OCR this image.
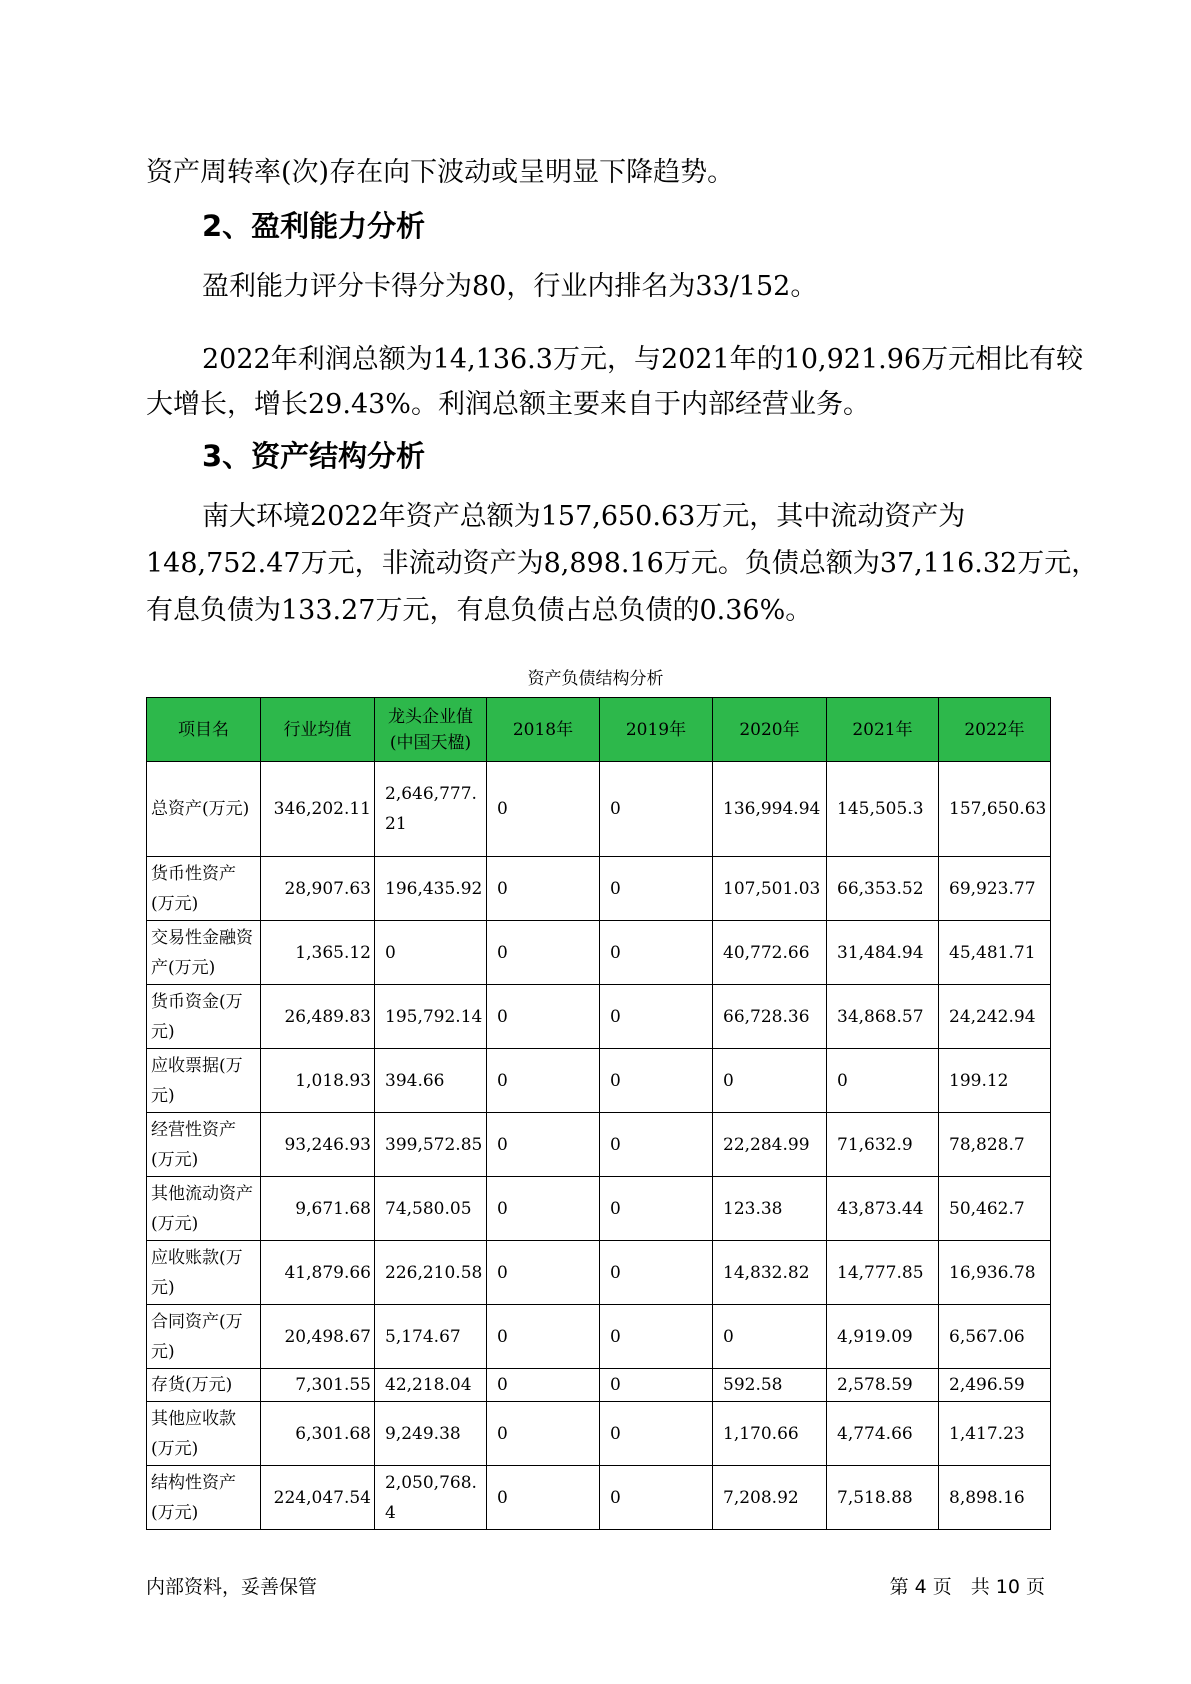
资产周转率(次)存在向下波动或呈明显下降趋势。
2、盈利能力分析
盈利能力评分卡得分为80，行业内排名为33/152。
2022年利润总额为14,136.3万元，与2021年的10,921.96万元相比有较
大增长，增长29.43%。利润总额主要来自于内部经营业务。
3、资产结构分析
南大环境2022年资产总额为157,650.63万元，其中流动资产为
148,752.47万元，非流动资产为8,898.16万元。负债总额为37,116.32万元，
有息负债为133.27万元，有息负债占总负债的0.36%。
资产负债结构分析
项目名	行业均值	龙头企业值(中国天楹)	2018年	2019年	2020年	2021年	2022年
总资产(万元)	346,202.11	2,646,777.21	0	0	136,994.94	145,505.3	157,650.63
货币性资产(万元)	28,907.63	196,435.92	0	0	107,501.03	66,353.52	69,923.77
交易性金融资产(万元)	1,365.12	0	0	0	40,772.66	31,484.94	45,481.71
货币资金(万元)	26,489.83	195,792.14	0	0	66,728.36	34,868.57	24,242.94
应收票据(万元)	1,018.93	394.66	0	0	0	0	199.12
经营性资产(万元)	93,246.93	399,572.85	0	0	22,284.99	71,632.9	78,828.7
其他流动资产(万元)	9,671.68	74,580.05	0	0	123.38	43,873.44	50,462.7
应收账款(万元)	41,879.66	226,210.58	0	0	14,832.82	14,777.85	16,936.78
合同资产(万元)	20,498.67	5,174.67	0	0	0	4,919.09	6,567.06
存货(万元)	7,301.55	42,218.04	0	0	592.58	2,578.59	2,496.59
其他应收款(万元)	6,301.68	9,249.38	0	0	1,170.66	4,774.66	1,417.23
结构性资产(万元)	224,047.54	2,050,768.4	0	0	7,208.92	7,518.88	8,898.16
内部资料，妥善保管	第 4 页　共 10 页
